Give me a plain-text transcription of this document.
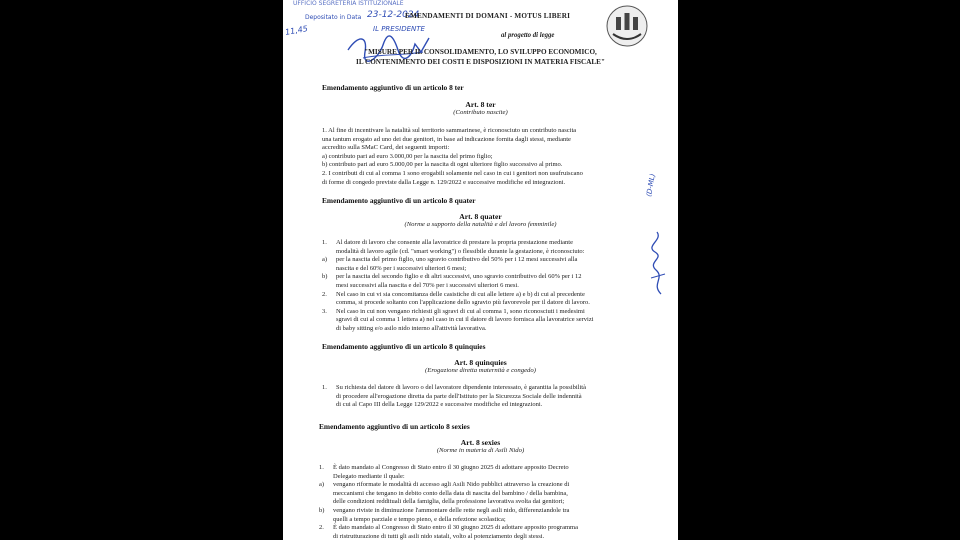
UFFICIO SEGRETERIA ISTITUZIONALE
Depositato in Data 23-12-2024
11,45	IL PRESIDENTE
EMENDAMENTI DI DOMANI - MOTUS LIBERI
al progetto di legge
"MISURE PER IL CONSOLIDAMENTO, LO SVILUPPO ECONOMICO,
IL CONTENIMENTO DEI COSTI E DISPOSIZIONI IN MATERIA FISCALE"
(D-ML)
Emendamento aggiuntivo di un articolo 8 ter
Art. 8 ter
(Contributo nascite)
1. Al fine di incentivare la natalità sul territorio sammarinese, è riconosciuto un contributo nascita
una tantum erogato ad uno dei due genitori, in base ad indicazione fornita dagli stessi, mediante
accredito sulla SMaC Card, dei seguenti importi:
a) contributo pari ad euro 3.000,00 per la nascita del primo figlio;
b) contributo pari ad euro 5.000,00 per la nascita di ogni ulteriore figlio successivo al primo.
2. I contributi di cui al comma 1 sono erogabili solamente nel caso in cui i genitori non usufruiscano
di forme di congedo previste dalla Legge n. 129/2022 e successive modifiche ed integrazioni.
Emendamento aggiuntivo di un articolo 8 quater
Art. 8 quater
(Norme a supporto della natalità e del lavoro femminile)
1. Al datore di lavoro che consente alla lavoratrice di prestare la propria prestazione mediante
modalità di lavoro agile (cd. "smart working") o flessibile durante la gestazione, è riconosciuto:
a) per la nascita del primo figlio, uno sgravio contributivo del 50% per i 12 mesi successivi alla
nascita e del 60% per i successivi ulteriori 6 mesi;
b) per la nascita del secondo figlio e di altri successivi, uno sgravio contributivo del 60% per i 12
mesi successivi alla nascita e del 70% per i successivi ulteriori 6 mesi.
2. Nel caso in cui vi sia concomitanza delle casistiche di cui alle lettere a) e b) di cui al precedente
comma, si procede soltanto con l'applicazione dello sgravio più favorevole per il datore di lavoro.
3. Nel caso in cui non vengano richiesti gli sgravi di cui al comma 1, sono riconosciuti i medesimi
sgravi di cui al comma 1 lettera a) nel caso in cui il datore di lavoro fornisca alla lavoratrice servizi
di baby sitting e/o asilo nido interno all'attività lavorativa.
Emendamento aggiuntivo di un articolo 8 quinquies
Art. 8 quinquies
(Erogazione diretta maternità e congedo)
1. Su richiesta del datore di lavoro o del lavoratore dipendente interessato, è garantita la possibilità
di procedere all'erogazione diretta da parte dell'Istituto per la Sicurezza Sociale delle indennità
di cui al Capo III della Legge 129/2022 e successive modifiche ed integrazioni.
Emendamento aggiuntivo di un articolo 8 sexies
Art. 8 sexies
(Norme in materia di Asili Nido)
1. È dato mandato al Congresso di Stato entro il 30 giugno 2025 di adottare apposito Decreto
Delegato mediante il quale:
a) vengano riformate le modalità di accesso agli Asili Nido pubblici attraverso la creazione di
meccanismi che tengano in debito conto della data di nascita del bambino / della bambina,
delle condizioni reddituali della famiglia, della professione lavorativa svolta dai genitori;
b) vengano riviste in diminuzione l'ammontare delle rette negli asili nido, differenziandole tra
quelli a tempo parziale e tempo pieno, e della refezione scolastica;
2. È dato mandato al Congresso di Stato entro il 30 giugno 2025 di adottare apposito programma
di ristrutturazione di tutti gli asili nido statali, volto al potenziamento degli stessi.
